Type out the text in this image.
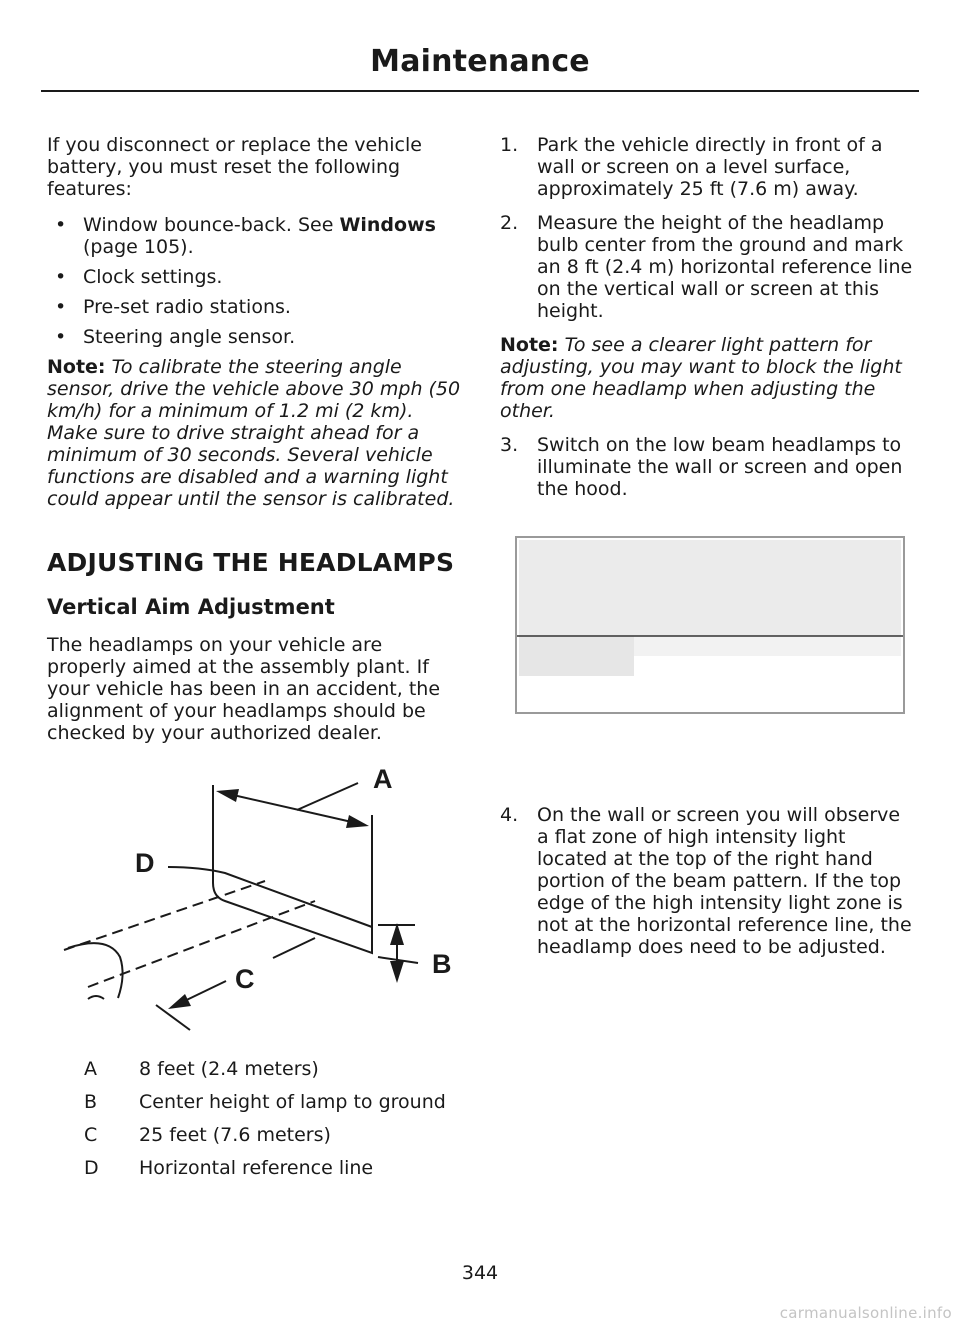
Maintenance

If you disconnect or replace the vehicle battery, you must reset the following features:

• Window bounce-back. See Windows (page 105).
• Clock settings.
• Pre-set radio stations.
• Steering angle sensor.

Note: To calibrate the steering angle sensor, drive the vehicle above 30 mph (50 km/h) for a minimum of 1.2 mi (2 km). Make sure to drive straight ahead for a minimum of 30 seconds. Several vehicle functions are disabled and a warning light could appear until the sensor is calibrated.

ADJUSTING THE HEADLAMPS
Vertical Aim Adjustment

The headlamps on your vehicle are properly aimed at the assembly plant. If your vehicle has been in an accident, the alignment of your headlamps should be checked by your authorized dealer.

A
D
B
C
A 8 feet (2.4 meters)
B Center height of lamp to ground
C 25 feet (7.6 meters)
D Horizontal reference line
1. Park the vehicle directly in front of a wall or screen on a level surface, approximately 25 ft (7.6 m) away.
2. Measure the height of the headlamp bulb center from the ground and mark an 8 ft (2.4 m) horizontal reference line on the vertical wall or screen at this height.

Note: To see a clearer light pattern for adjusting, you may want to block the light from one headlamp when adjusting the other.

3. Switch on the low beam headlamps to illuminate the wall or screen and open the hood.
4. On the wall or screen you will observe a flat zone of high intensity light located at the top of the right hand portion of the beam pattern. If the top edge of the high intensity light zone is not at the horizontal reference line, the headlamp does need to be adjusted.
344
carmanualsonline.info
